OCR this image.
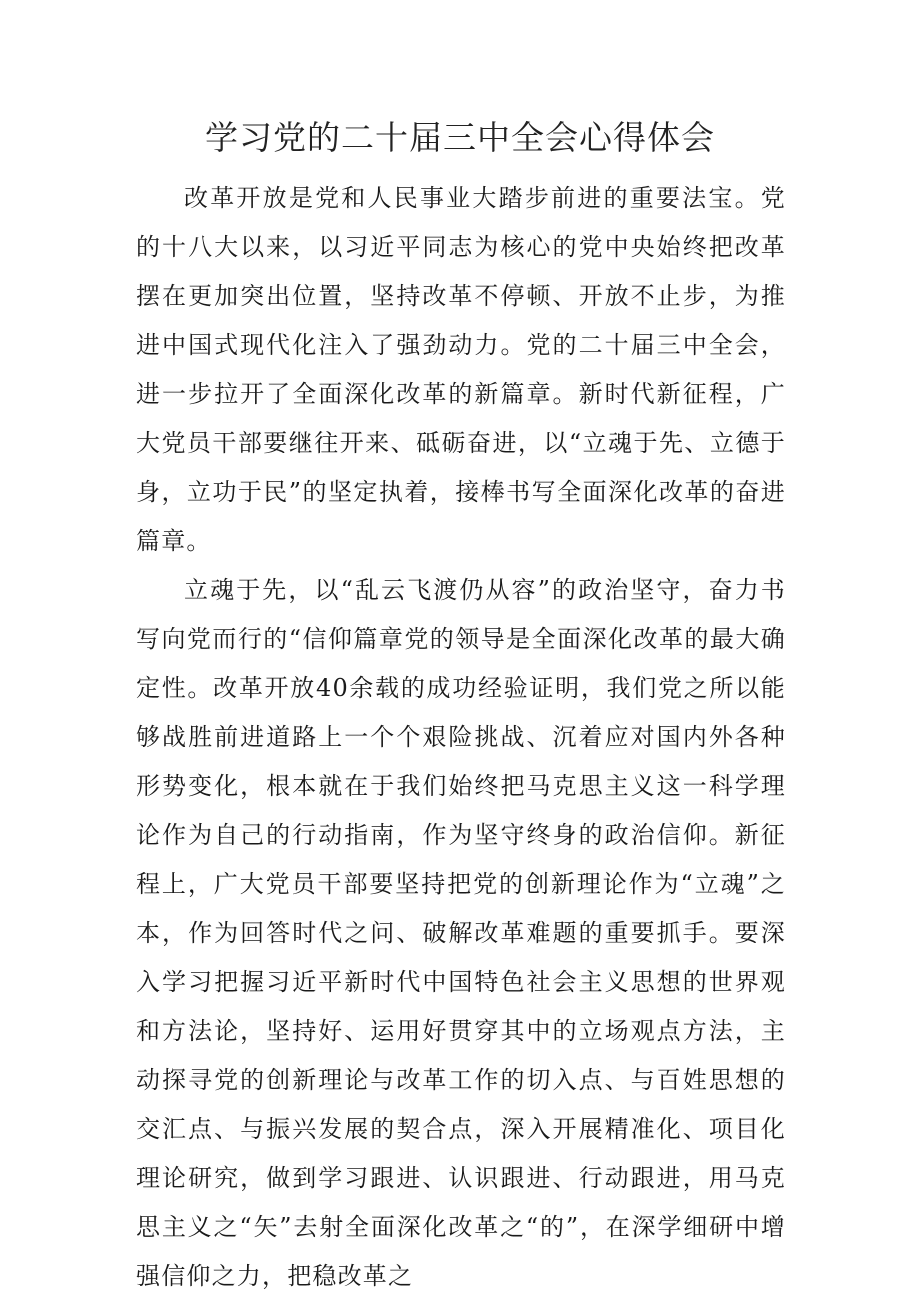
学习党的二十届三中全会心得体会

改革开放是党和人民事业大踏步前进的重要法宝。党的十八大以来，以习近平同志为核心的党中央始终把改革摆在更加突出位置，坚持改革不停顿、开放不止步，为推进中国式现代化注入了强劲动力。党的二十届三中全会，进一步拉开了全面深化改革的新篇章。新时代新征程，广大党员干部要继往开来、砥砺奋进，以“立魂于先、立德于身，立功于民”的坚定执着，接棒书写全面深化改革的奋进篇章。

立魂于先，以“乱云飞渡仍从容”的政治坚守，奋力书写向党而行的“信仰篇章党的领导是全面深化改革的最大确定性。改革开放40余载的成功经验证明，我们党之所以能够战胜前进道路上一个个艰险挑战、沉着应对国内外各种形势变化，根本就在于我们始终把马克思主义这一科学理论作为自己的行动指南，作为坚守终身的政治信仰。新征程上，广大党员干部要坚持把党的创新理论作为“立魂”之本，作为回答时代之问、破解改革难题的重要抓手。要深入学习把握习近平新时代中国特色社会主义思想的世界观和方法论，坚持好、运用好贯穿其中的立场观点方法，主动探寻党的创新理论与改革工作的切入点、与百姓思想的交汇点、与振兴发展的契合点，深入开展精准化、项目化理论研究，做到学习跟进、认识跟进、行动跟进，用马克思主义之“矢”去射全面深化改革之“的”，在深学细研中增强信仰之力，把稳改革之
